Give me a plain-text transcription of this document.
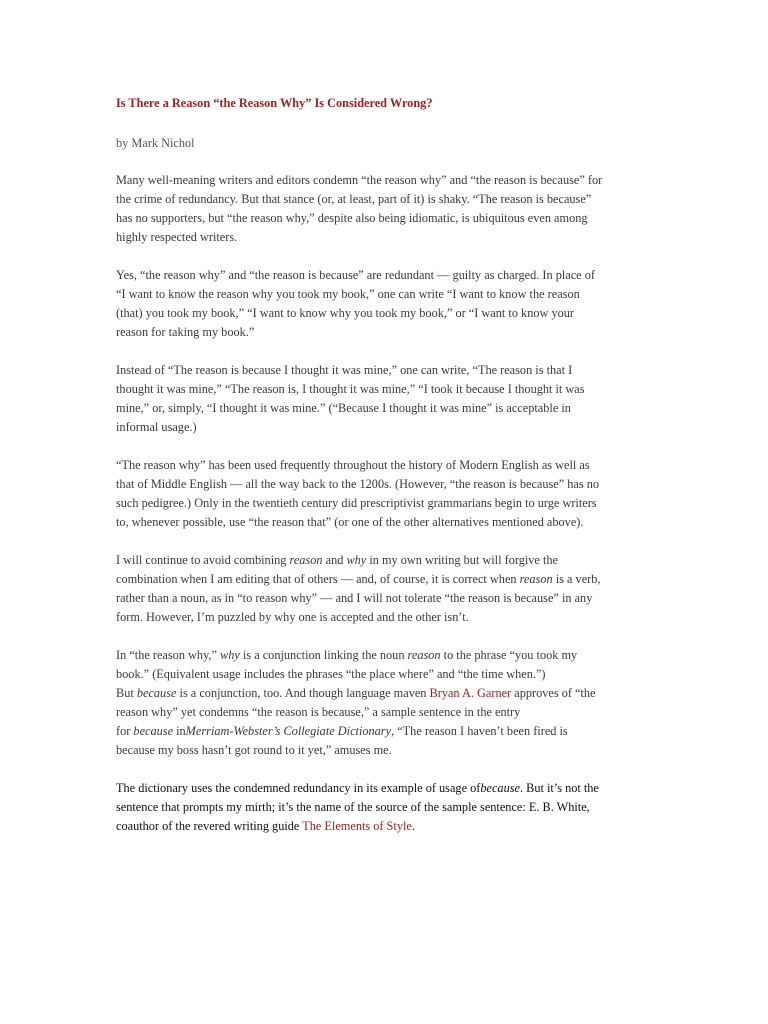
Is There a Reason “the Reason Why” Is Considered Wrong?

by Mark Nichol

Many well-meaning writers and editors condemn “the reason why” and “the reason is because” for
the crime of redundancy. But that stance (or, at least, part of it) is shaky. “The reason is because”
has no supporters, but “the reason why,” despite also being idiomatic, is ubiquitous even among
highly respected writers.

Yes, “the reason why” and “the reason is because” are redundant — guilty as charged. In place of
“I want to know the reason why you took my book,” one can write “I want to know the reason
(that) you took my book,” “I want to know why you took my book,” or “I want to know your
reason for taking my book.”

Instead of “The reason is because I thought it was mine,” one can write, “The reason is that I
thought it was mine,” “The reason is, I thought it was mine,” “I took it because I thought it was
mine,” or, simply, “I thought it was mine.” (“Because I thought it was mine” is acceptable in
informal usage.)

“The reason why” has been used frequently throughout the history of Modern English as well as
that of Middle English — all the way back to the 1200s. (However, “the reason is because” has no
such pedigree.) Only in the twentieth century did prescriptivist grammarians begin to urge writers
to, whenever possible, use “the reason that” (or one of the other alternatives mentioned above).

I will continue to avoid combining reason and why in my own writing but will forgive the
combination when I am editing that of others — and, of course, it is correct when reason is a verb,
rather than a noun, as in “to reason why” — and I will not tolerate “the reason is because” in any
form. However, I’m puzzled by why one is accepted and the other isn’t.

In “the reason why,” why is a conjunction linking the noun reason to the phrase “you took my
book.” (Equivalent usage includes the phrases “the place where” and “the time when.”)
But because is a conjunction, too. And though language maven Bryan A. Garner approves of “the
reason why” yet condemns “the reason is because,” a sample sentence in the entry
for because inMerriam-Webster’s Collegiate Dictionary, “The reason I haven’t been fired is
because my boss hasn’t got round to it yet,” amuses me.

The dictionary uses the condemned redundancy in its example of usage ofbecause. But it’s not the
sentence that prompts my mirth; it’s the name of the source of the sample sentence: E. B. White,
coauthor of the revered writing guide The Elements of Style.
